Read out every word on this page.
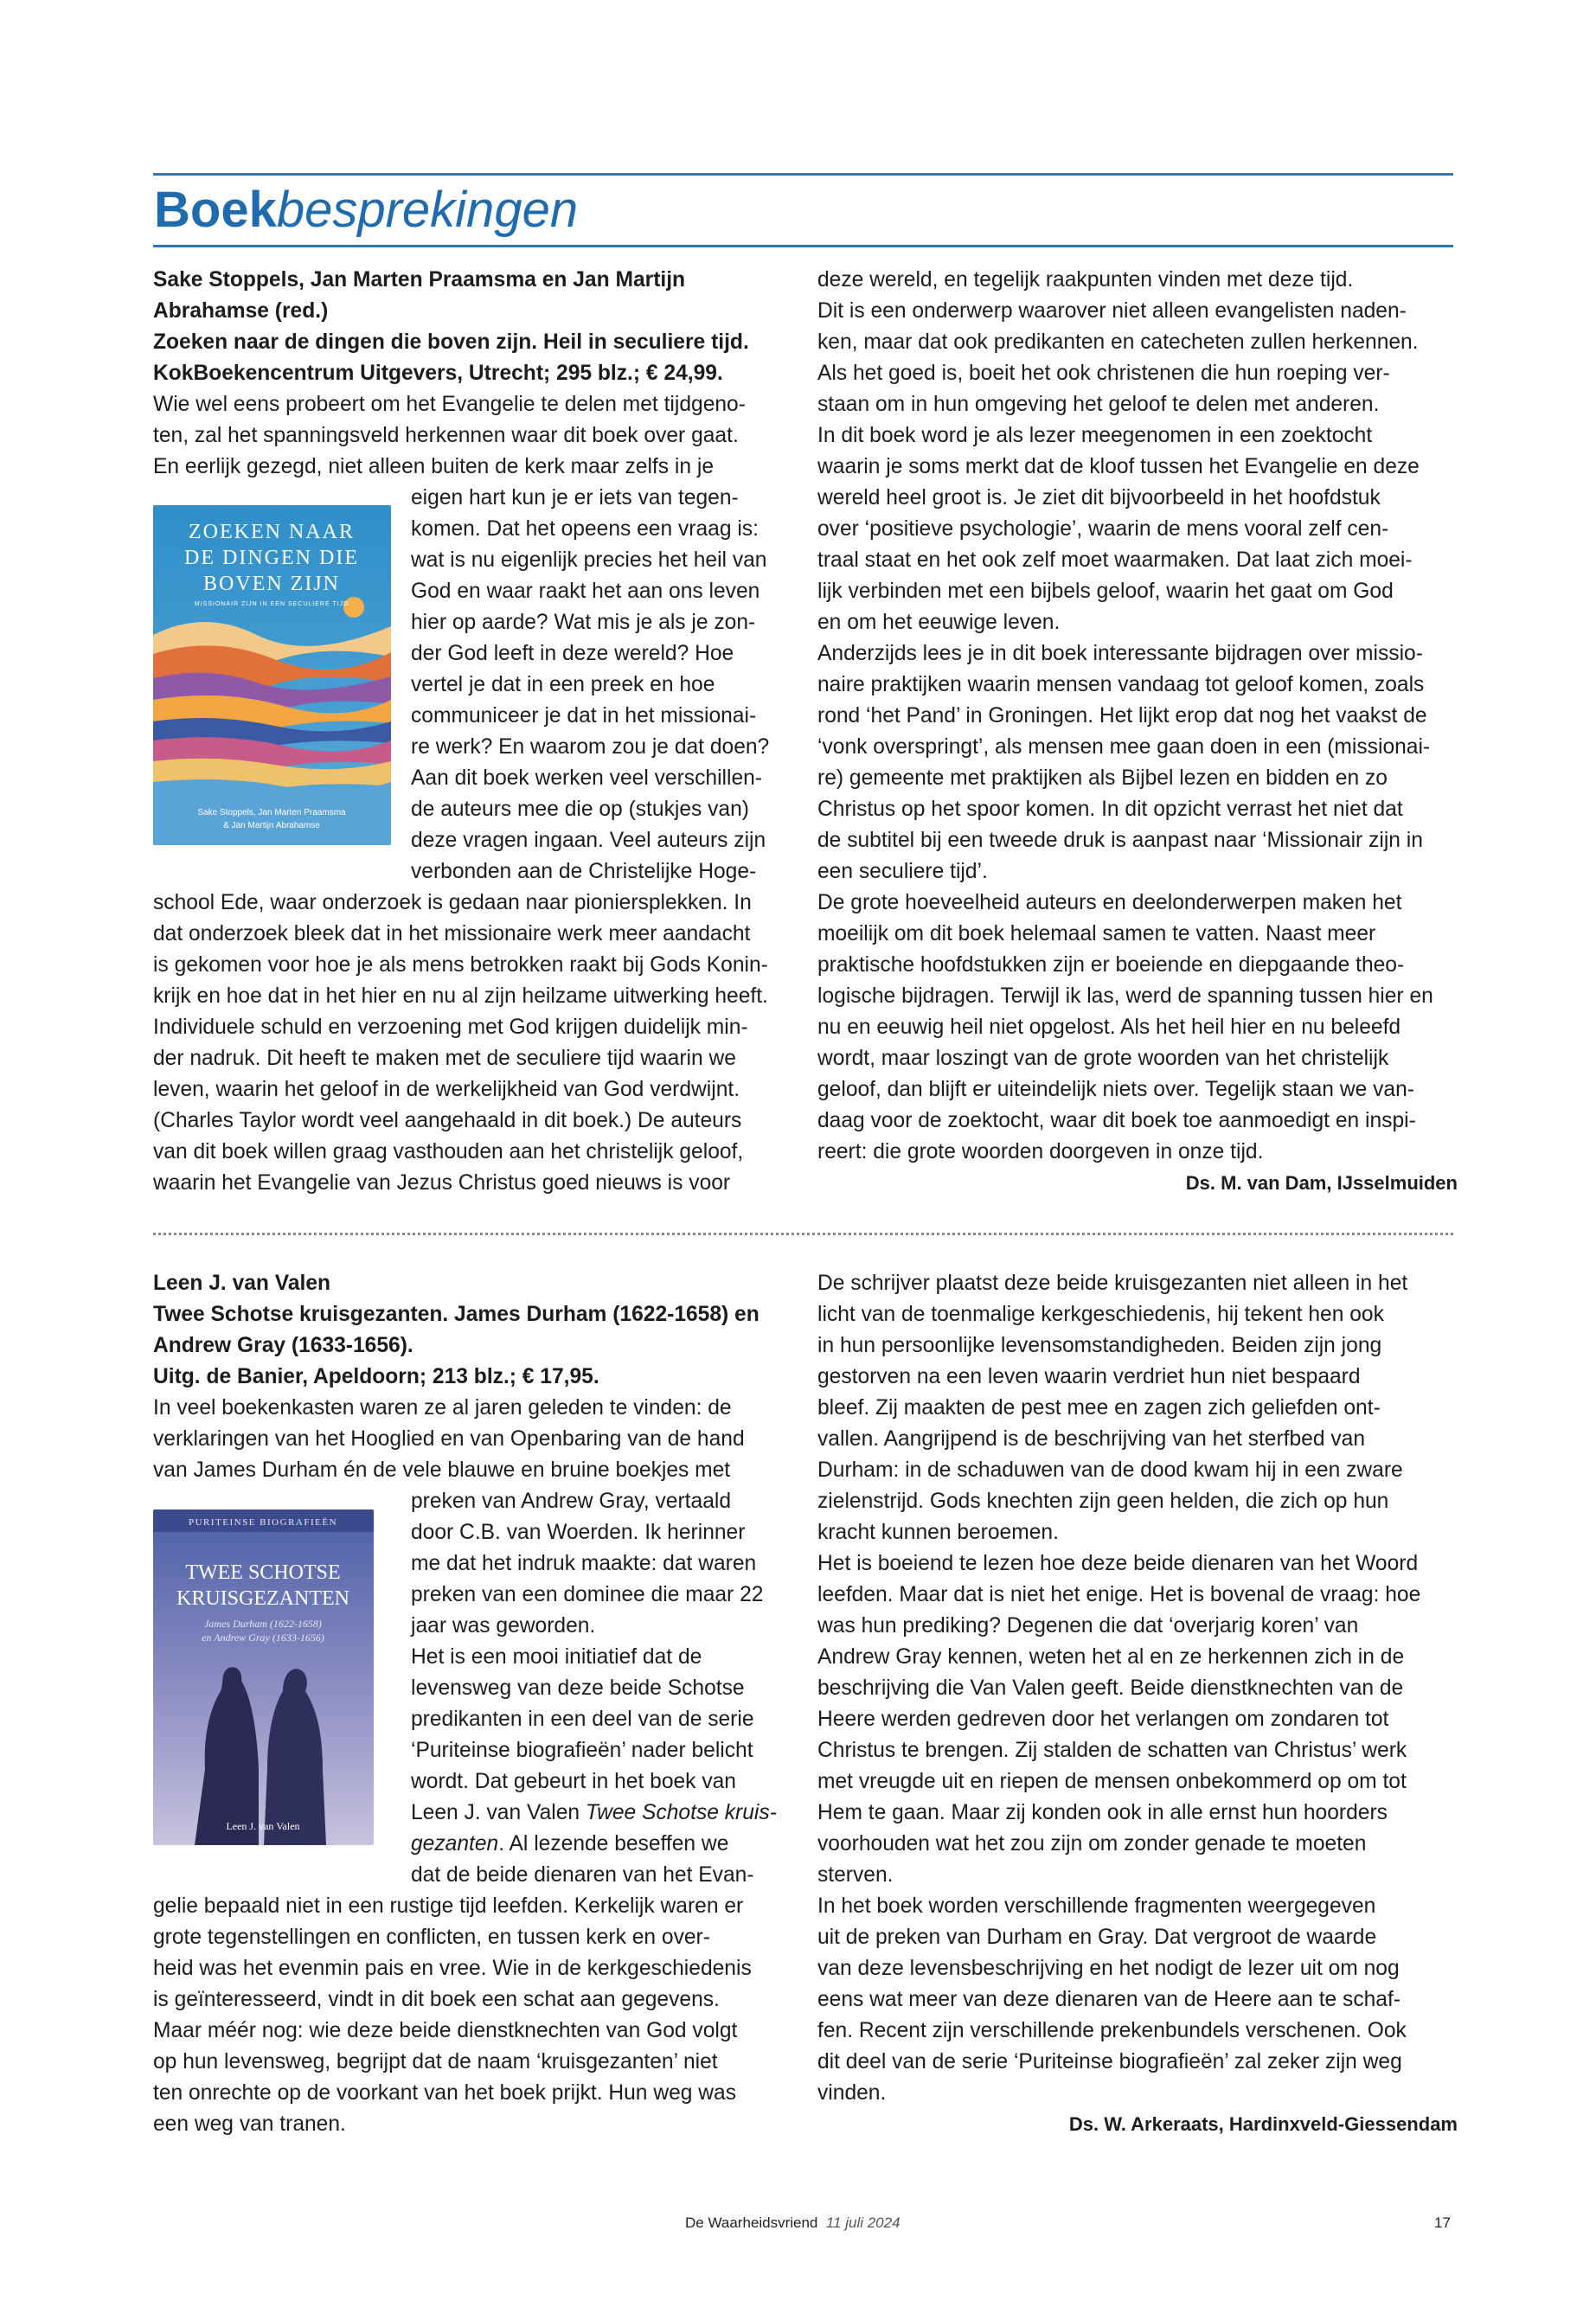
Boekbesprekingen

Sake Stoppels, Jan Marten Praamsma en Jan Martijn

Abrahamse (red.)

Zoeken naar de dingen die boven zijn. Heil in seculiere tijd.

KokBoekencentrum Uitgevers, Utrecht; 295 blz.; € 24,99.

Wie wel eens probeert om het Evangelie te delen met tijdgeno-

ten, zal het spanningsveld herkennen waar dit boek over gaat.

En eerlijk gezegd, niet alleen buiten de kerk maar zelfs in je

ZOEKEN NAAR
DE DINGEN DIE
BOVEN ZIJN
MISSIONAIR ZIJN IN EEN SECULIERE TIJD
Sake Stoppels, Jan Marten Praamsma
& Jan Martijn Abrahamse

eigen hart kun je er iets van tegen-

komen. Dat het opeens een vraag is:

wat is nu eigenlijk precies het heil van

God en waar raakt het aan ons leven

hier op aarde? Wat mis je als je zon-

der God leeft in deze wereld? Hoe

vertel je dat in een preek en hoe

communiceer je dat in het missionai-

re werk? En waarom zou je dat doen?

Aan dit boek werken veel verschillen-

de auteurs mee die op (stukjes van)

deze vragen ingaan. Veel auteurs zijn

verbonden aan de Christelijke Hoge-

school Ede, waar onderzoek is gedaan naar pioniersplekken. In

dat onderzoek bleek dat in het missionaire werk meer aandacht

is gekomen voor hoe je als mens betrokken raakt bij Gods Konin-

krijk en hoe dat in het hier en nu al zijn heilzame uitwerking heeft.

Individuele schuld en verzoening met God krijgen duidelijk min-

der nadruk. Dit heeft te maken met de seculiere tijd waarin we

leven, waarin het geloof in de werkelijkheid van God verdwijnt.

(Charles Taylor wordt veel aangehaald in dit boek.) De auteurs

van dit boek willen graag vasthouden aan het christelijk geloof,

waarin het Evangelie van Jezus Christus goed nieuws is voor

deze wereld, en tegelijk raakpunten vinden met deze tijd.

Dit is een onderwerp waarover niet alleen evangelisten naden-

ken, maar dat ook predikanten en catecheten zullen herkennen.

Als het goed is, boeit het ook christenen die hun roeping ver-

staan om in hun omgeving het geloof te delen met anderen.

In dit boek word je als lezer meegenomen in een zoektocht

waarin je soms merkt dat de kloof tussen het Evangelie en deze

wereld heel groot is. Je ziet dit bijvoorbeeld in het hoofdstuk

over ‘positieve psychologie’, waarin de mens vooral zelf cen-

traal staat en het ook zelf moet waarmaken. Dat laat zich moei-

lijk verbinden met een bijbels geloof, waarin het gaat om God

en om het eeuwige leven.

Anderzijds lees je in dit boek interessante bijdragen over missio-

naire praktijken waarin mensen vandaag tot geloof komen, zoals

rond ‘het Pand’ in Groningen. Het lijkt erop dat nog het vaakst de

‘vonk overspringt’, als mensen mee gaan doen in een (missionai-

re) gemeente met praktijken als Bijbel lezen en bidden en zo

Christus op het spoor komen. In dit opzicht verrast het niet dat

de subtitel bij een tweede druk is aanpast naar ‘Missionair zijn in

een seculiere tijd’.

De grote hoeveelheid auteurs en deelonderwerpen maken het

moeilijk om dit boek helemaal samen te vatten. Naast meer

praktische hoofdstukken zijn er boeiende en diepgaande theo-

logische bijdragen. Terwijl ik las, werd de spanning tussen hier en

nu en eeuwig heil niet opgelost. Als het heil hier en nu beleefd

wordt, maar loszingt van de grote woorden van het christelijk

geloof, dan blijft er uiteindelijk niets over. Tegelijk staan we van-

daag voor de zoektocht, waar dit boek toe aanmoedigt en inspi-

reert: die grote woorden doorgeven in onze tijd.

Ds. M. van Dam, IJsselmuiden

Leen J. van Valen

Twee Schotse kruisgezanten. James Durham (1622-1658) en

Andrew Gray (1633-1656).

Uitg. de Banier, Apeldoorn; 213 blz.; € 17,95.

In veel boekenkasten waren ze al jaren geleden te vinden: de

verklaringen van het Hooglied en van Openbaring van de hand

van James Durham én de vele blauwe en bruine boekjes met

PURITEINSE BIOGRAFIEËN
TWEE SCHOTSE
KRUISGEZANTEN
James Durham (1622-1658)
en Andrew Gray (1633-1656)
Leen J. van Valen

preken van Andrew Gray, vertaald

door C.B. van Woerden. Ik herinner

me dat het indruk maakte: dat waren

preken van een dominee die maar 22

jaar was geworden.

Het is een mooi initiatief dat de

levensweg van deze beide Schotse

predikanten in een deel van de serie

‘Puriteinse biografieën’ nader belicht

wordt. Dat gebeurt in het boek van

Leen J. van Valen Twee Schotse kruis-

gezanten. Al lezende beseffen we

dat de beide dienaren van het Evan-

gelie bepaald niet in een rustige tijd leefden. Kerkelijk waren er

grote tegenstellingen en conflicten, en tussen kerk en over-

heid was het evenmin pais en vree. Wie in de kerkgeschiedenis

is geïnteresseerd, vindt in dit boek een schat aan gegevens.

Maar méér nog: wie deze beide dienstknechten van God volgt

op hun levensweg, begrijpt dat de naam ‘kruisgezanten’ niet

ten onrechte op de voorkant van het boek prijkt. Hun weg was

een weg van tranen.

De schrijver plaatst deze beide kruisgezanten niet alleen in het

licht van de toenmalige kerkgeschiedenis, hij tekent hen ook

in hun persoonlijke levensomstandigheden. Beiden zijn jong

gestorven na een leven waarin verdriet hun niet bespaard

bleef. Zij maakten de pest mee en zagen zich geliefden ont-

vallen. Aangrijpend is de beschrijving van het sterfbed van

Durham: in de schaduwen van de dood kwam hij in een zware

zielenstrijd. Gods knechten zijn geen helden, die zich op hun

kracht kunnen beroemen.

Het is boeiend te lezen hoe deze beide dienaren van het Woord

leefden. Maar dat is niet het enige. Het is bovenal de vraag: hoe

was hun prediking? Degenen die dat ‘overjarig koren’ van

Andrew Gray kennen, weten het al en ze herkennen zich in de

beschrijving die Van Valen geeft. Beide dienstknechten van de

Heere werden gedreven door het verlangen om zondaren tot

Christus te brengen. Zij stalden de schatten van Christus’ werk

met vreugde uit en riepen de mensen onbekommerd op om tot

Hem te gaan. Maar zij konden ook in alle ernst hun hoorders

voorhouden wat het zou zijn om zonder genade te moeten

sterven.

In het boek worden verschillende fragmenten weergegeven

uit de preken van Durham en Gray. Dat vergroot de waarde

van deze levensbeschrijving en het nodigt de lezer uit om nog

eens wat meer van deze dienaren van de Heere aan te schaf-

fen. Recent zijn verschillende prekenbundels verschenen. Ook

dit deel van de serie ‘Puriteinse biografieën’ zal zeker zijn weg

vinden.

Ds. W. Arkeraats, Hardinxveld-Giessendam

De Waarheidsvriend 11 juli 2024	17
